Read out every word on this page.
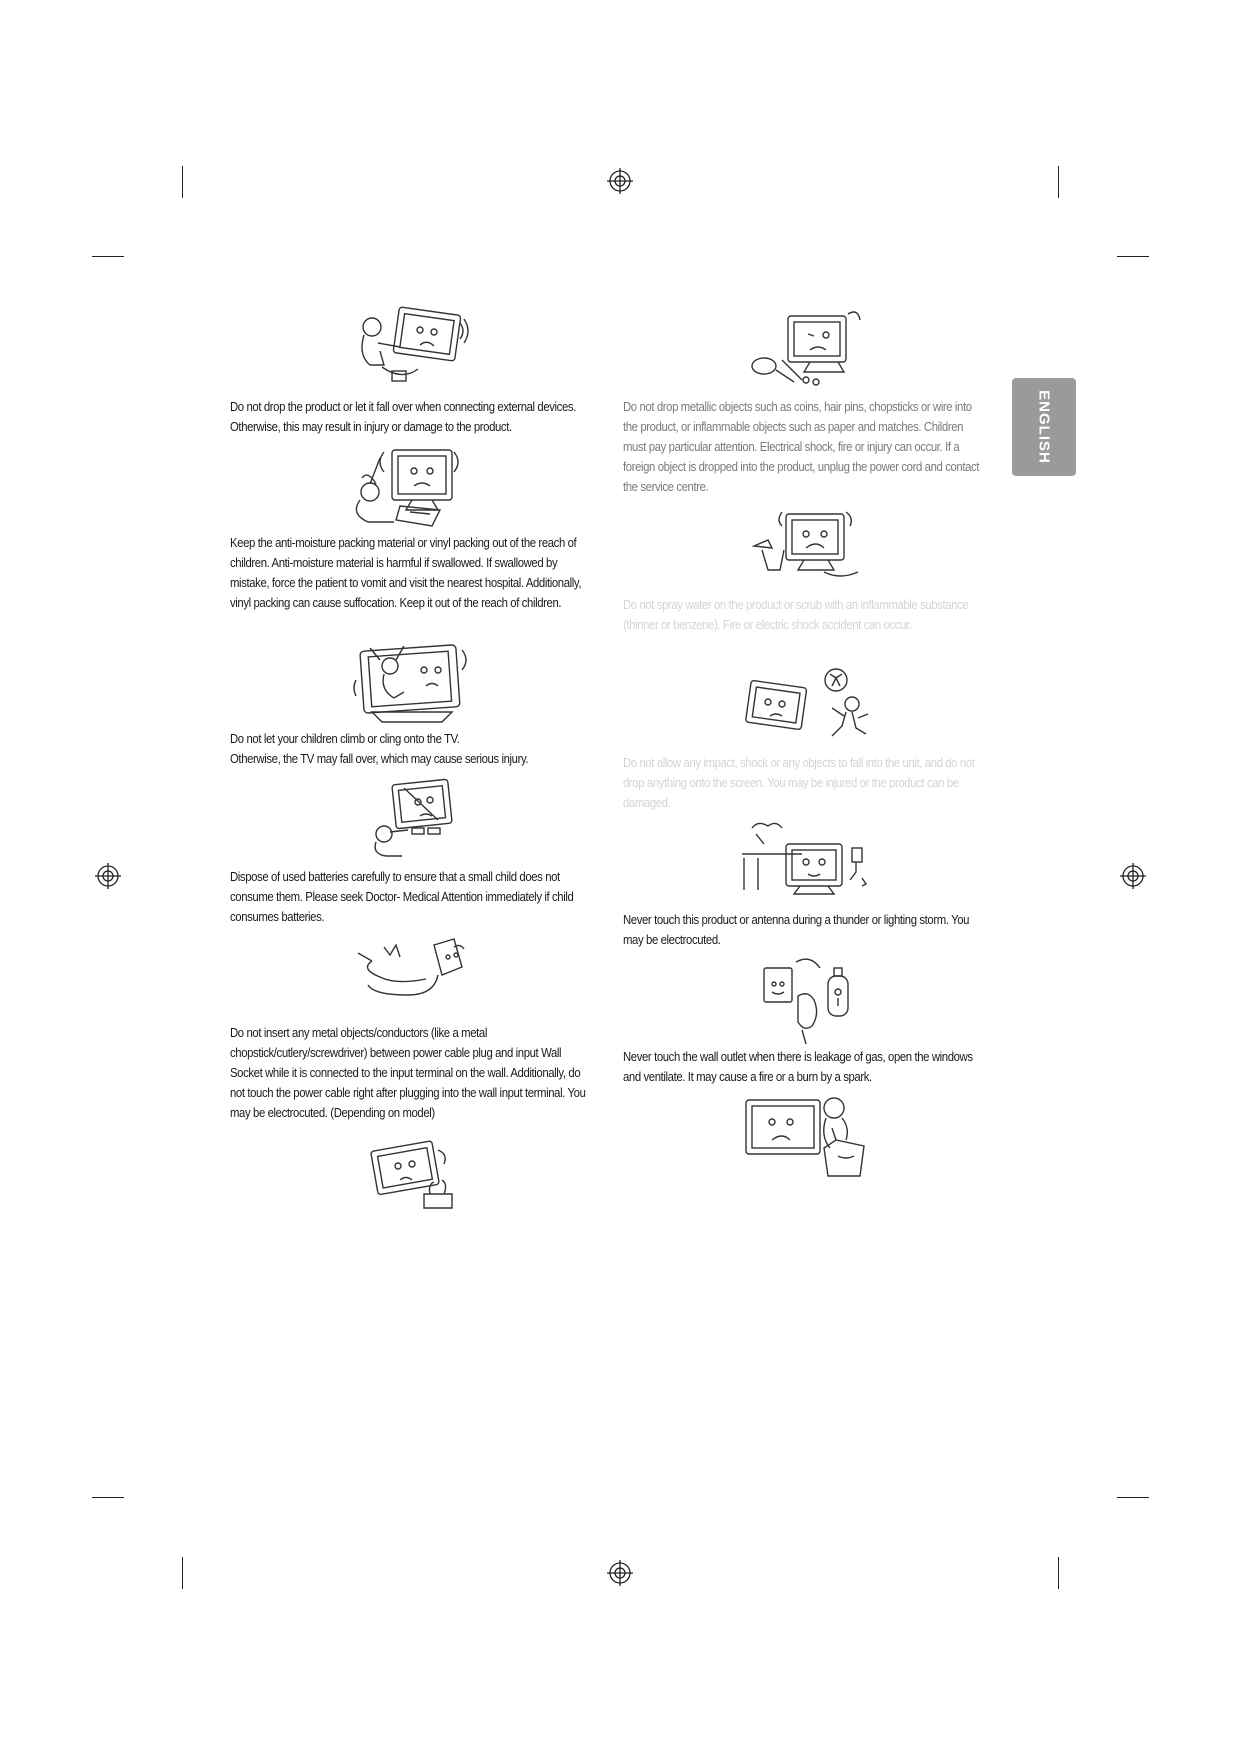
ENGLISH

Do not drop the product or let it fall over when connecting external devices. Otherwise, this may result in injury or damage to the product.

Keep the anti-moisture packing material or vinyl packing out of the reach of children. Anti-moisture material is harmful if swallowed. If swallowed by mistake, force the patient to vomit and visit the nearest hospital. Additionally, vinyl packing can cause suffocation. Keep it out of the reach of children.

Do not let your children climb or cling onto the TV.
Otherwise, the TV may fall over, which may cause serious injury.

Dispose of used batteries carefully to ensure that a small child does not consume them. Please seek Doctor- Medical Attention immediately if child consumes batteries.

Do not insert any metal objects/conductors (like a metal chopstick/cutlery/screwdriver) between power cable plug and input Wall Socket while it is connected to the input terminal on the wall. Additionally, do not touch the power cable right after plugging into the wall input terminal. You may be electrocuted. (Depending on model)

Do not drop metallic objects such as coins, hair pins, chopsticks or wire into the product, or inflammable objects such as paper and matches. Children must pay particular attention. Electrical shock, fire or injury can occur. If a foreign object is dropped into the product, unplug the power cord and contact the service centre.

Do not spray water on the product or scrub with an inflammable substance (thinner or benzene). Fire or electric shock accident can occur.

Do not allow any impact, shock or any objects to fall into the unit, and do not drop anything onto the screen. You may be injured or the product can be damaged.

Never touch this product or antenna during a thunder or lighting storm. You may be electrocuted.

Never touch the wall outlet when there is leakage of gas, open the windows and ventilate. It may cause a fire or a burn by a spark.
